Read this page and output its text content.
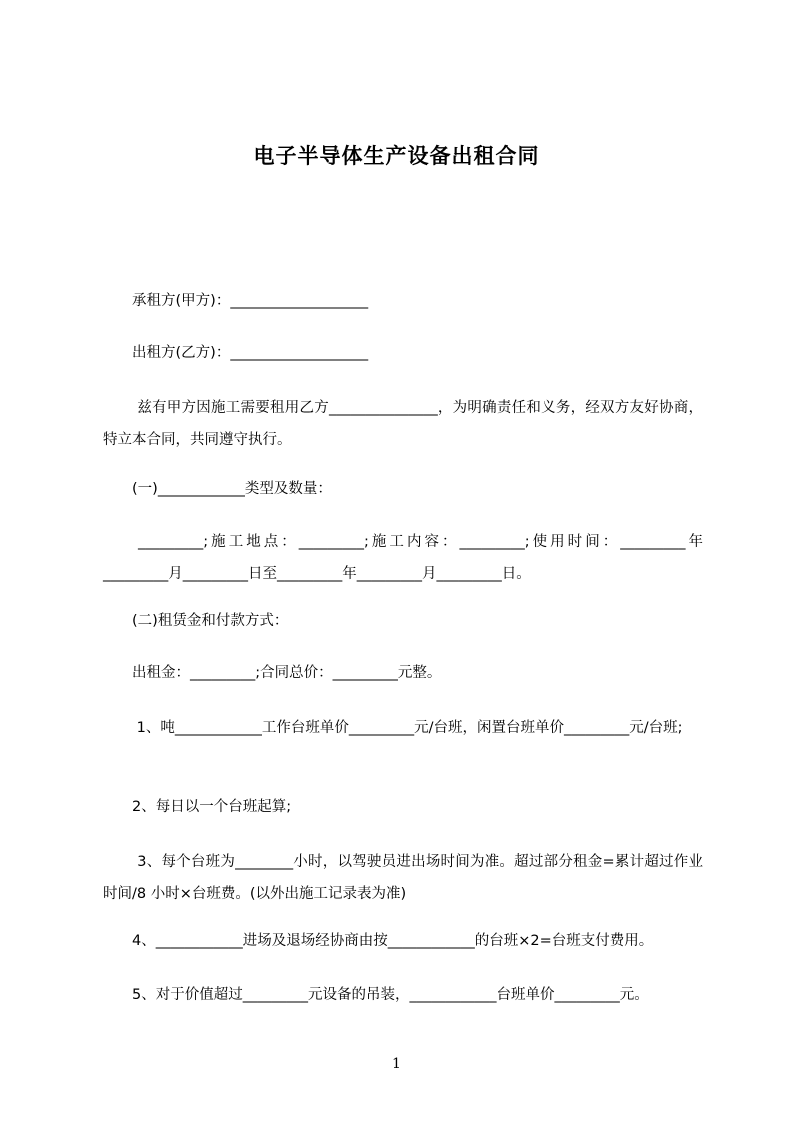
电子半导体生产设备出租合同
　　承租方(甲方)：___________________
　　出租方(乙方)：___________________
　　 兹有甲方因施工需要租用乙方_______________，为明确责任和义务，经双方友好协商，特立本合同，共同遵守执行。
　　(一)____________类型及数量：
　　_________;施工地点：_________;施工内容：_________;使用时间：_________年_________月_________日至_________年_________月_________日。
　　(二)租赁金和付款方式：
　　出租金：_________;合同总价：_________元整。
　　 1、吨____________工作台班单价_________元/台班，闲置台班单价_________元/台班;
　　2、每日以一个台班起算;
　　 3、每个台班为________小时，以驾驶员进出场时间为准。超过部分租金=累计超过作业时间/8 小时×台班费。(以外出施工记录表为准)
　　4、____________进场及退场经协商由按____________的台班×2=台班支付费用。
　　5、对于价值超过_________元设备的吊装，____________台班单价_________元。
1
